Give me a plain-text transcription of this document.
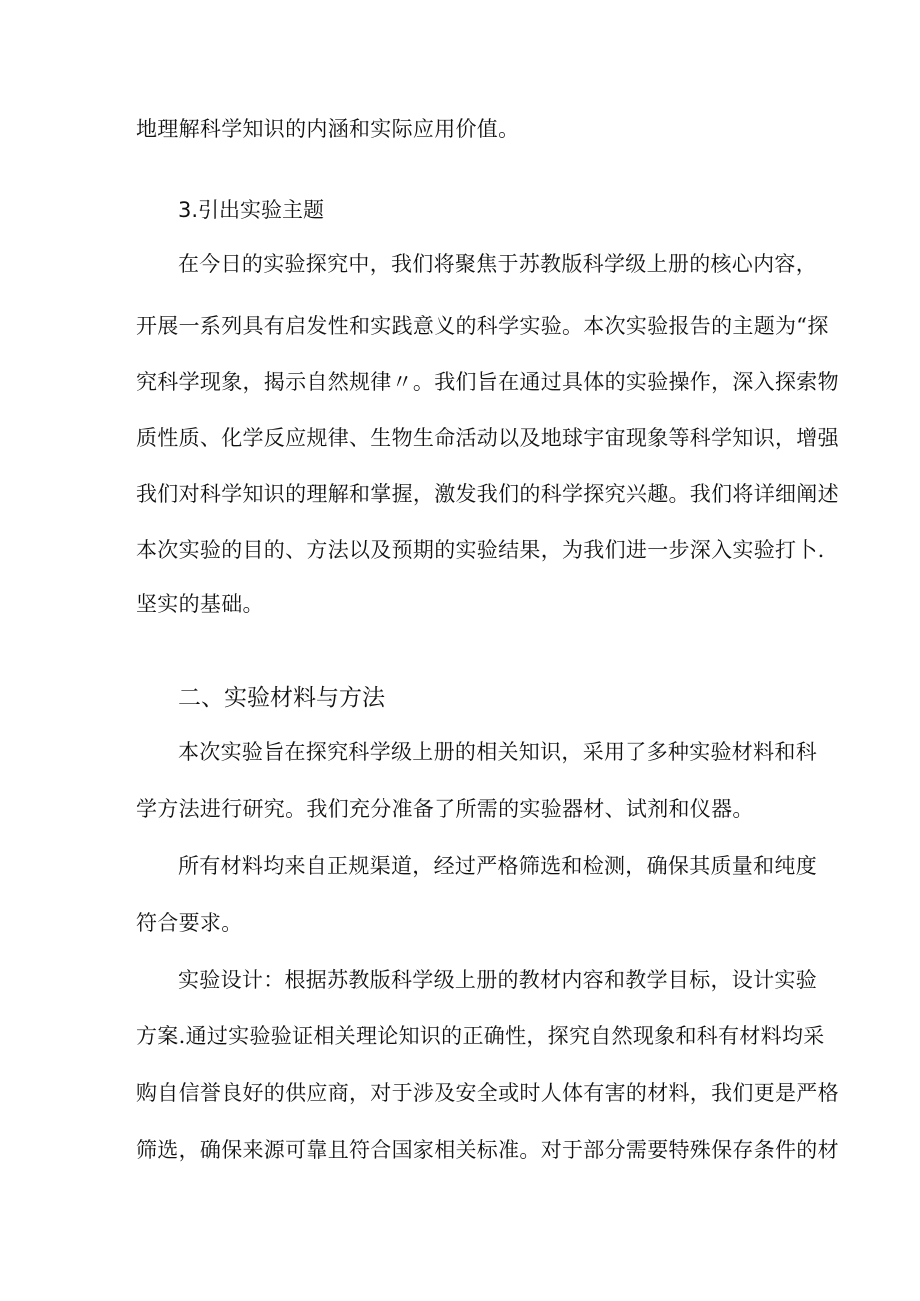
地理解科学知识的内涵和实际应用价值。
3.引出实验主题
在今日的实验探究中，我们将聚焦于苏教版科学级上册的核心内容，
开展一系列具有启发性和实践意义的科学实验。本次实验报告的主题为“探
究科学现象，揭示自然规律〃。我们旨在通过具体的实验操作，深入探索物
质性质、化学反应规律、生物生命活动以及地球宇宙现象等科学知识，增强
我们对科学知识的理解和掌握，激发我们的科学探究兴趣。我们将详细阐述
本次实验的目的、方法以及预期的实验结果，为我们进一步深入实验打卜.
坚实的基础。
二、实验材料与方法
本次实验旨在探究科学级上册的相关知识，采用了多种实验材料和科
学方法进行研究。我们充分准备了所需的实验器材、试剂和仪器。
所有材料均来自正规渠道，经过严格筛选和检测，确保其质量和纯度
符合要求。
实验设计：根据苏教版科学级上册的教材内容和教学目标，设计实验
方案.通过实验验证相关理论知识的正确性，探究自然现象和科有材料均采
购自信誉良好的供应商，对于涉及安全或时人体有害的材料，我们更是严格
筛选，确保来源可靠且符合国家相关标准。对于部分需要特殊保存条件的材
